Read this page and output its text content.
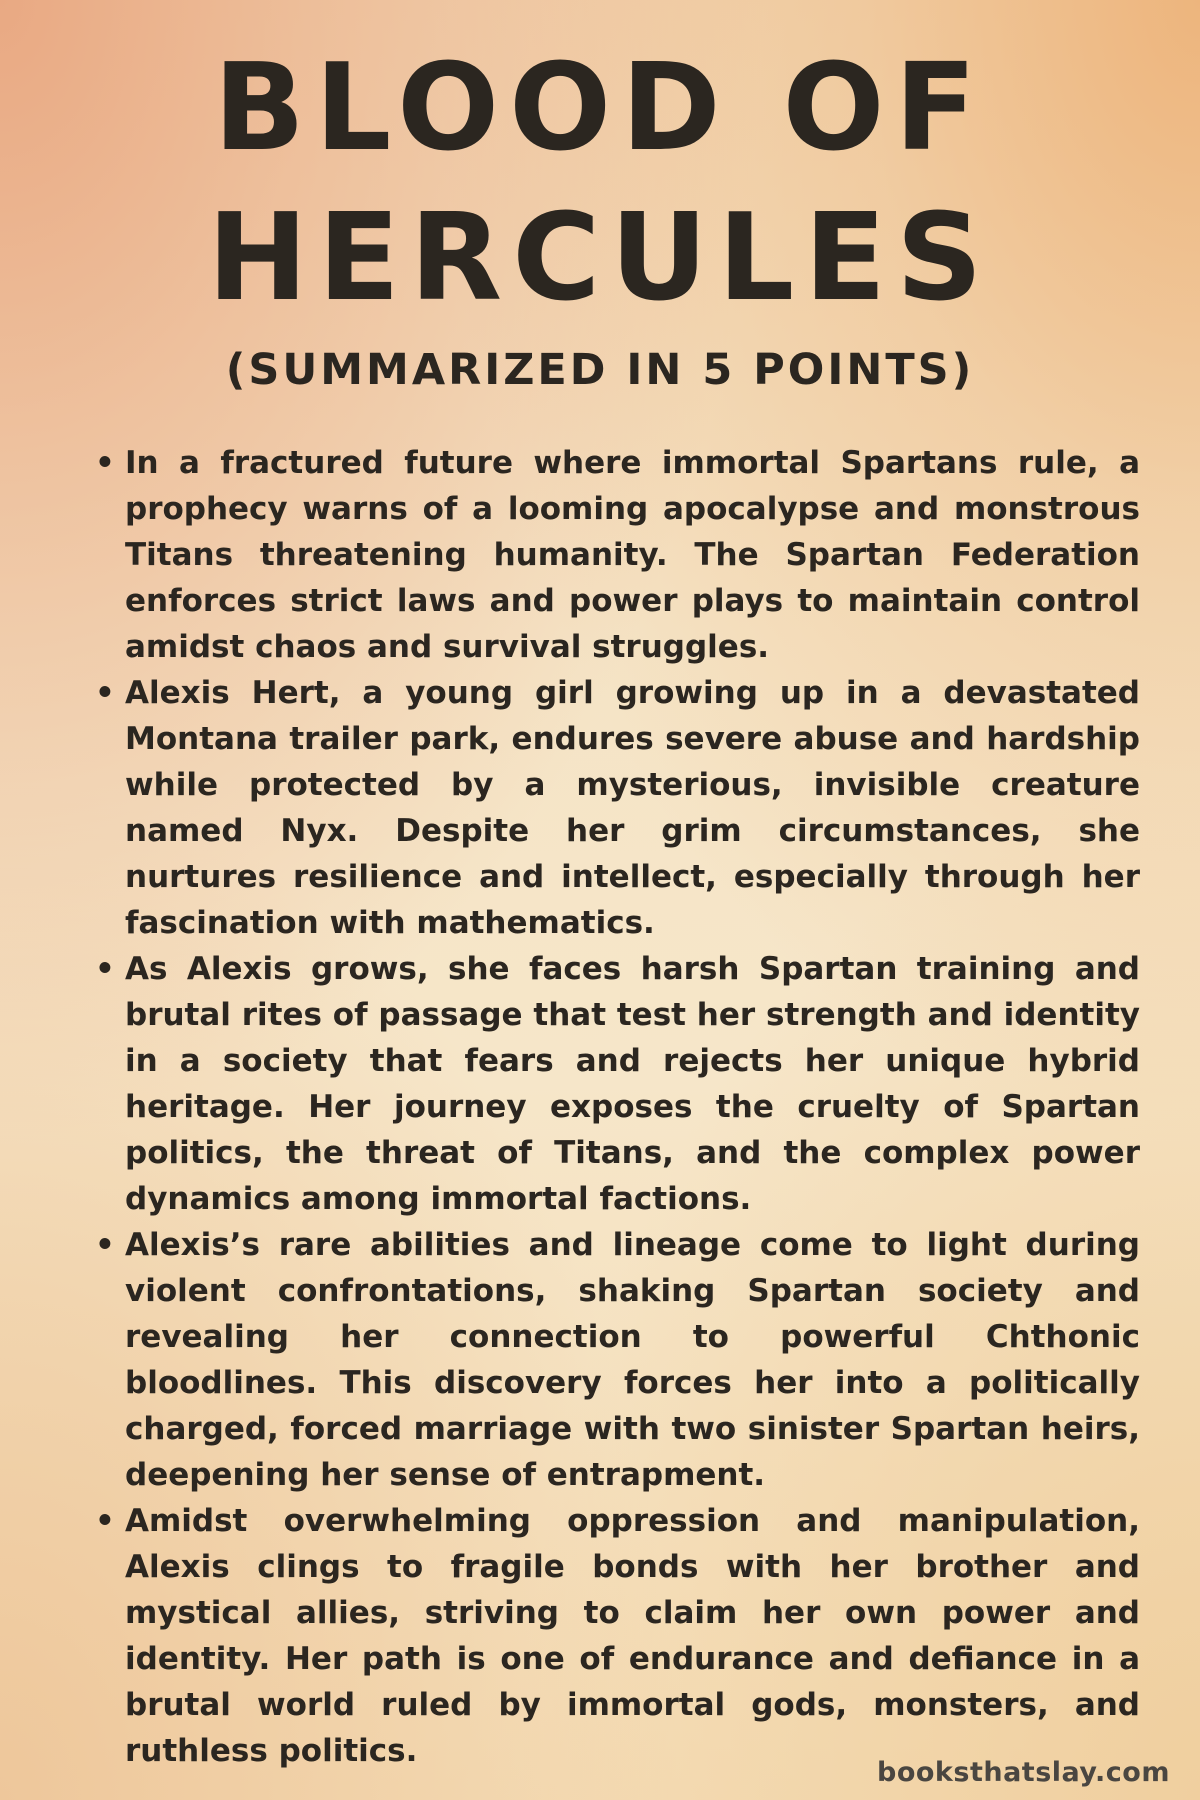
BLOOD OF
HERCULES
(SUMMARIZED IN 5 POINTS)
• In a fractured future where immortal Spartans rule, a prophecy warns of a looming apocalypse and monstrous Titans threatening humanity. The Spartan Federation enforces strict laws and power plays to maintain control amidst chaos and survival struggles.
• Alexis Hert, a young girl growing up in a devastated Montana trailer park, endures severe abuse and hardship while protected by a mysterious, invisible creature named Nyx. Despite her grim circumstances, she nurtures resilience and intellect, especially through her fascination with mathematics.
• As Alexis grows, she faces harsh Spartan training and brutal rites of passage that test her strength and identity in a society that fears and rejects her unique hybrid heritage. Her journey exposes the cruelty of Spartan politics, the threat of Titans, and the complex power dynamics among immortal factions.
• Alexis’s rare abilities and lineage come to light during violent confrontations, shaking Spartan society and revealing her connection to powerful Chthonic bloodlines. This discovery forces her into a politically charged, forced marriage with two sinister Spartan heirs, deepening her sense of entrapment.
• Amidst overwhelming oppression and manipulation, Alexis clings to fragile bonds with her brother and mystical allies, striving to claim her own power and identity. Her path is one of endurance and defiance in a brutal world ruled by immortal gods, monsters, and ruthless politics.
booksthatslay.com
